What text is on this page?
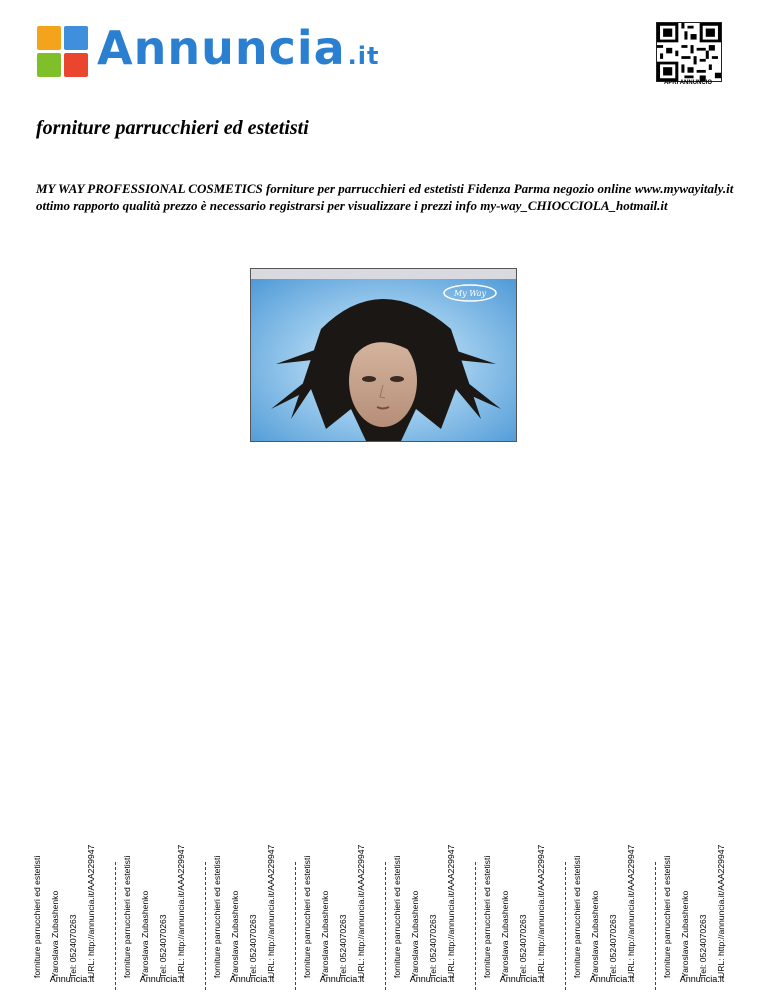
Annuncia.it
APRI ANNUNCIO
forniture parrucchieri ed estetisti

MY WAY PROFESSIONAL COSMETICS forniture per parrucchieri ed estetisti Fidenza Parma negozio online www.mywayitaly.it ottimo rapporto qualità prezzo è necessario registrarsi per visualizzare i prezzi info my-way_CHIOCCIOLA_hotmail.it

My Way
forniture parrucchieri ed estetisti Yaroslava Zubashenko Tel: 0524070263 URL: http://annuncia.it/AAA229947
Annuncia.it
forniture parrucchieri ed estetisti Yaroslava Zubashenko Tel: 0524070263 URL: http://annuncia.it/AAA229947
Annuncia.it
forniture parrucchieri ed estetisti Yaroslava Zubashenko Tel: 0524070263 URL: http://annuncia.it/AAA229947
Annuncia.it
forniture parrucchieri ed estetisti Yaroslava Zubashenko Tel: 0524070263 URL: http://annuncia.it/AAA229947
Annuncia.it
forniture parrucchieri ed estetisti Yaroslava Zubashenko Tel: 0524070263 URL: http://annuncia.it/AAA229947
Annuncia.it
forniture parrucchieri ed estetisti Yaroslava Zubashenko Tel: 0524070263 URL: http://annuncia.it/AAA229947
Annuncia.it
forniture parrucchieri ed estetisti Yaroslava Zubashenko Tel: 0524070263 URL: http://annuncia.it/AAA229947
Annuncia.it
forniture parrucchieri ed estetisti Yaroslava Zubashenko Tel: 0524070263 URL: http://annuncia.it/AAA229947
Annuncia.it
